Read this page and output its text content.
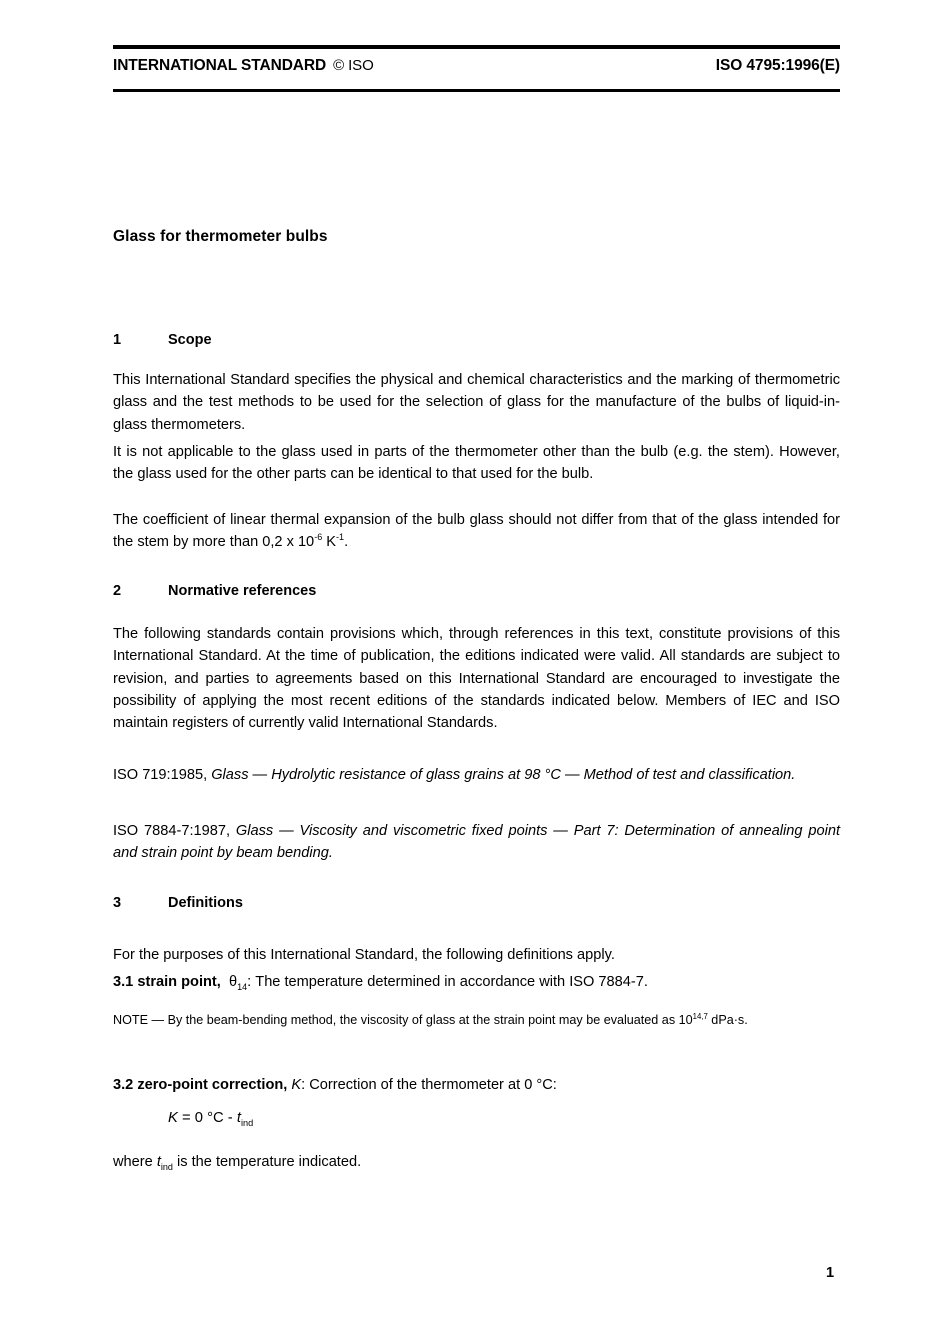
INTERNATIONAL STANDARD © ISO	ISO 4795:1996(E)
Glass for thermometer bulbs
1	Scope
This International Standard specifies the physical and chemical characteristics and the marking of thermometric glass and the test methods to be used for the selection of glass for the manufacture of the bulbs of liquid-in-glass thermometers.
It is not applicable to the glass used in parts of the thermometer other than the bulb (e.g. the stem). However, the glass used for the other parts can be identical to that used for the bulb.
The coefficient of linear thermal expansion of the bulb glass should not differ from that of the glass intended for the stem by more than 0,2 x $10^{-6}$ $K^{-1}$.
2	Normative references
The following standards contain provisions which, through references in this text, constitute provisions of this International Standard. At the time of publication, the editions indicated were valid. All standards are subject to revision, and parties to agreements based on this International Standard are encouraged to investigate the possibility of applying the most recent editions of the standards indicated below. Members of IEC and ISO maintain registers of currently valid International Standards.
ISO 719:1985, Glass — Hydrolytic resistance of glass grains at 98 °C — Method of test and classification.
ISO 7884-7:1987, Glass — Viscosity and viscometric fixed points — Part 7: Determination of annealing point and strain point by beam bending.
3	Definitions
For the purposes of this International Standard, the following definitions apply.
3.1 strain point, $\theta_{14}$: The temperature determined in accordance with ISO 7884-7.
NOTE — By the beam-bending method, the viscosity of glass at the strain point may be evaluated as 10$^{14,7}$ dPa·s.
3.2 zero-point correction, K: Correction of the thermometer at 0 °C:
K = 0 $^\circ C - t_{ind}$
where $t_{ind}$ is the temperature indicated.
1
